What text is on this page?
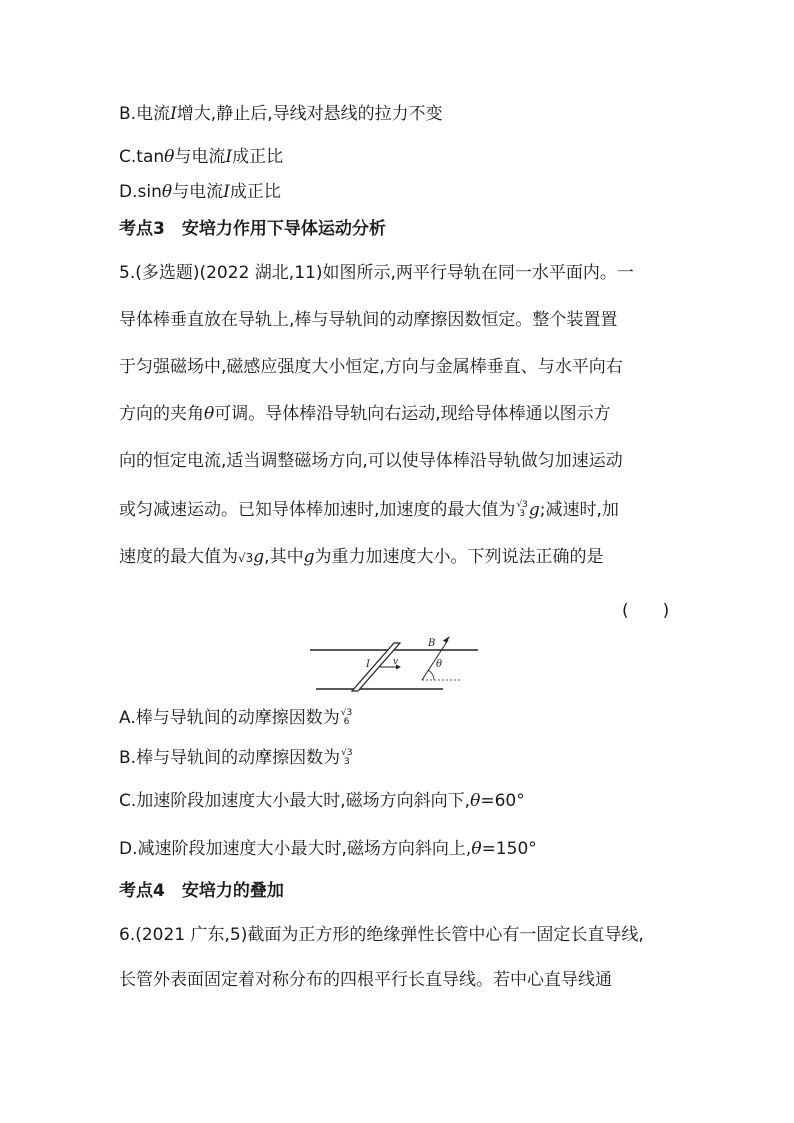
B.电流I增大,静止后,导线对悬线的拉力不变
C.tanθ与电流I成正比
D.sinθ与电流I成正比
考点3　安培力作用下导体运动分析
5.(多选题)(2022 湖北,11)如图所示,两平行导轨在同一水平面内。一
导体棒垂直放在导轨上,棒与导轨间的动摩擦因数恒定。整个装置置
于匀强磁场中,磁感应强度大小恒定,方向与金属棒垂直、与水平向右
方向的夹角θ可调。导体棒沿导轨向右运动,现给导体棒通以图示方
向的恒定电流,适当调整磁场方向,可以使导体棒沿导轨做匀加速运动
或匀减速运动。已知导体棒加速时,加速度的最大值为 √3
3 g;减速时,加
速度的最大值为√3g,其中g为重力加速度大小。下列说法正确的是
(　　)
I	v
B
θ
A.棒与导轨间的动摩擦因数为 √3
6
B.棒与导轨间的动摩擦因数为 √3
3
C.加速阶段加速度大小最大时,磁场方向斜向下,θ=60°
D.减速阶段加速度大小最大时,磁场方向斜向上,θ=150°
考点4　安培力的叠加
6.(2021 广东,5)截面为正方形的绝缘弹性长管中心有一固定长直导线,
长管外表面固定着对称分布的四根平行长直导线。若中心直导线通
